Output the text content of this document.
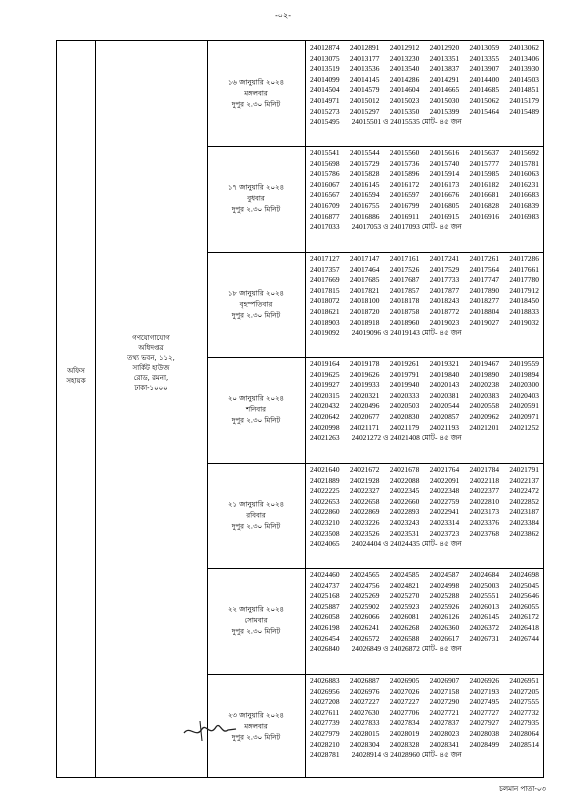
-০২-
অফিস সহায়ক
গণযোগাযোগ
অধিদপ্তর
তথ্য ভবন, ১১২,
সার্কিট হাউজ
রোড, রমনা,
ঢাকা-১০০০
১৬ জানুয়ারি ২০২৪
মঙ্গলবার
দুপুর ২.৩০ মিনিট
24012874 24012891 24012912 24012920 24013059 24013062
24013075 24013177 24013230 24013351 24013355 24013406
24013519 24013536 24013540 24013837 24013907 24013930
24014099 24014145 24014286 24014291 24014400 24014503
24014504 24014579 24014604 24014665 24014685 24014851
24014971 24015012 24015023 24015030 24015062 24015179
24015273 24015297 24015350 24015399 24015464 24015489
24015495 24015501 ও 24015535 মোট- ৪৫ জন
১৭ জানুয়ারি ২০২৪
বুধবার
দুপুর ২.৩০ মিনিট
24015541 24015544 24015560 24015616 24015637 24015692
24015698 24015729 24015736 24015740 24015777 24015781
24015786 24015828 24015896 24015914 24015985 24016063
24016067 24016145 24016172 24016173 24016182 24016231
24016567 24016594 24016597 24016676 24016681 24016683
24016709 24016755 24016799 24016805 24016828 24016839
24016877 24016886 24016911 24016915 24016916 24016983
24017033 24017053 ও 24017093 মোট- ৪৫ জন
১৮ জানুয়ারি ২০২৪
বৃহস্পতিবার
দুপুর ২.৩০ মিনিট
24017127 24017147 24017161 24017241 24017261 24017286
24017357 24017464 24017526 24017529 24017564 24017661
24017669 24017685 24017687 24017733 24017747 24017780
24017815 24017821 24017857 24017877 24017890 24017912
24018072 24018100 24018178 24018243 24018277 24018450
24018621 24018720 24018758 24018772 24018804 24018833
24018903 24018918 24018960 24019023 24019027 24019032
24019092 24019096 ও 24019143 মোট- ৪৫ জন
২০ জানুয়ারি ২০২৪
শনিবার
দুপুর ২.৩০ মিনিট
24019164 24019178 24019261 24019321 24019467 24019559
24019625 24019626 24019791 24019840 24019890 24019894
24019927 24019933 24019940 24020143 24020238 24020300
24020315 24020321 24020333 24020381 24020383 24020403
24020432 24020496 24020503 24020544 24020558 24020591
24020642 24020677 24020830 24020857 24020962 24020971
24020998 24021171 24021179 24021193 24021201 24021252
24021263 24021272 ও 24021408 মোট- ৪৫ জন
২১ জানুয়ারি ২০২৪
রবিবার
দুপুর ২.৩০ মিনিট
24021640 24021672 24021678 24021764 24021784 24021791
24021889 24021928 24022088 24022091 24022118 24022137
24022225 24022327 24022345 24022348 24022377 24022472
24022653 24022658 24022660 24022759 24022810 24022852
24022860 24022869 24022893 24022941 24023173 24023187
24023210 24023226 24023243 24023314 24023376 24023384
24023508 24023526 24023531 24023723 24023768 24023862
24024065 24024404 ও 24024435 মোট- ৪৫ জন
২২ জানুয়ারি ২০২৪
সোমবার
দুপুর ২.৩০ মিনিট
24024460 24024565 24024585 24024587 24024684 24024698
24024737 24024756 24024821 24024998 24025003 24025045
24025168 24025269 24025270 24025288 24025551 24025646
24025887 24025902 24025923 24025926 24026013 24026055
24026058 24026066 24026081 24026126 24026145 24026172
24026198 24026241 24026268 24026360 24026372 24026418
24026454 24026572 24026588 24026617 24026731 24026744
24026840 24026849 ও 24026872 মোট- ৪৫ জন
২৩ জানুয়ারি ২০২৪
মঙ্গলবার
দুপুর ২.৩০ মিনিট
24026883 24026887 24026905 24026907 24026926 24026951
24026956 24026976 24027026 24027158 24027193 24027205
24027208 24027227 24027227 24027290 24027495 24027555
24027611 24027630 24027706 24027721 24027727 24027732
24027739 24027833 24027834 24027837 24027927 24027935
24027979 24028015 24028019 24028023 24028038 24028064
24028210 24028304 24028328 24028341 24028499 24028514
24028781 24028914 ও 24028960 মোট- ৪৫ জন
চলমান পাতা-০৩
